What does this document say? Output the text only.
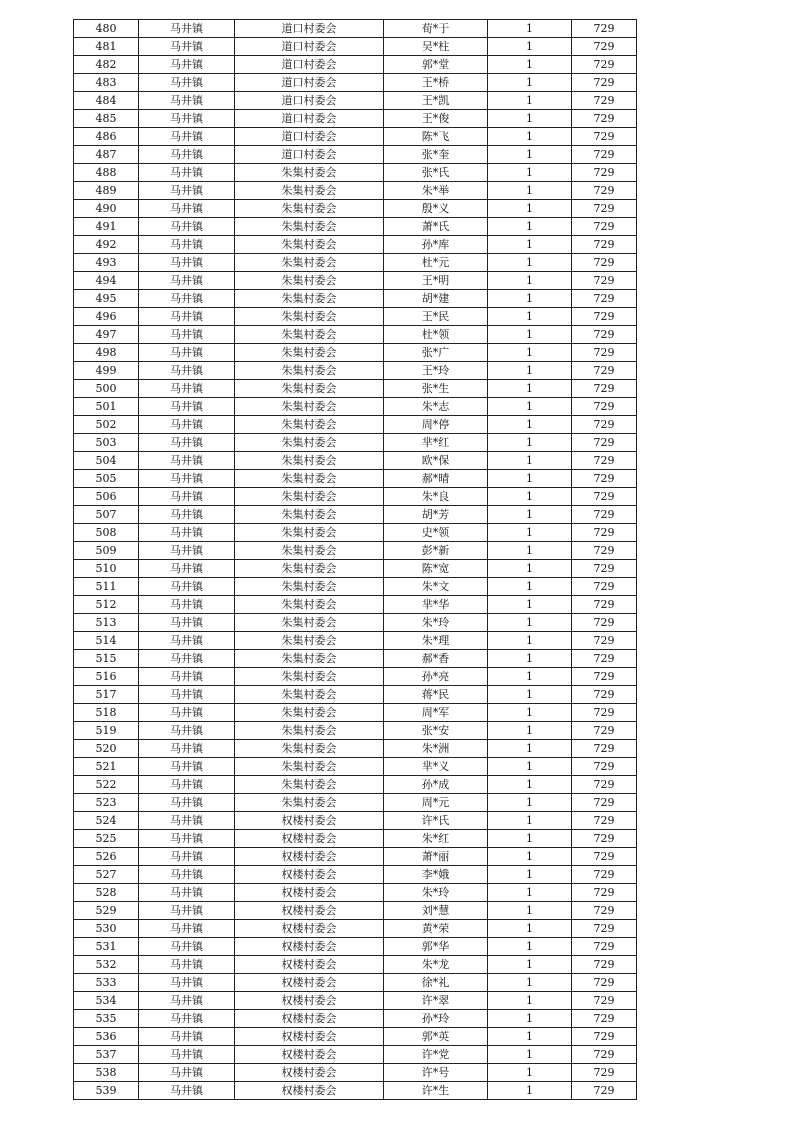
480	马井镇	道口村委会	荀*于	1	729
481	马井镇	道口村委会	吴*柱	1	729
482	马井镇	道口村委会	郭*堂	1	729
483	马井镇	道口村委会	王*桥	1	729
484	马井镇	道口村委会	王*凯	1	729
485	马井镇	道口村委会	王*俊	1	729
486	马井镇	道口村委会	陈*飞	1	729
487	马井镇	道口村委会	张*奎	1	729
488	马井镇	朱集村委会	张*氏	1	729
489	马井镇	朱集村委会	朱*举	1	729
490	马井镇	朱集村委会	殷*义	1	729
491	马井镇	朱集村委会	萧*氏	1	729
492	马井镇	朱集村委会	孙*库	1	729
493	马井镇	朱集村委会	杜*元	1	729
494	马井镇	朱集村委会	王*明	1	729
495	马井镇	朱集村委会	胡*建	1	729
496	马井镇	朱集村委会	王*民	1	729
497	马井镇	朱集村委会	杜*领	1	729
498	马井镇	朱集村委会	张*广	1	729
499	马井镇	朱集村委会	王*玲	1	729
500	马井镇	朱集村委会	张*生	1	729
501	马井镇	朱集村委会	朱*志	1	729
502	马井镇	朱集村委会	周*停	1	729
503	马井镇	朱集村委会	芈*红	1	729
504	马井镇	朱集村委会	欧*保	1	729
505	马井镇	朱集村委会	郝*晴	1	729
506	马井镇	朱集村委会	朱*良	1	729
507	马井镇	朱集村委会	胡*芳	1	729
508	马井镇	朱集村委会	史*领	1	729
509	马井镇	朱集村委会	彭*新	1	729
510	马井镇	朱集村委会	陈*宽	1	729
511	马井镇	朱集村委会	朱*文	1	729
512	马井镇	朱集村委会	芈*华	1	729
513	马井镇	朱集村委会	朱*玲	1	729
514	马井镇	朱集村委会	朱*理	1	729
515	马井镇	朱集村委会	郝*香	1	729
516	马井镇	朱集村委会	孙*亮	1	729
517	马井镇	朱集村委会	蒋*民	1	729
518	马井镇	朱集村委会	周*军	1	729
519	马井镇	朱集村委会	张*安	1	729
520	马井镇	朱集村委会	朱*洲	1	729
521	马井镇	朱集村委会	芈*义	1	729
522	马井镇	朱集村委会	孙*成	1	729
523	马井镇	朱集村委会	周*元	1	729
524	马井镇	权楼村委会	许*氏	1	729
525	马井镇	权楼村委会	朱*红	1	729
526	马井镇	权楼村委会	萧*丽	1	729
527	马井镇	权楼村委会	李*娥	1	729
528	马井镇	权楼村委会	朱*玲	1	729
529	马井镇	权楼村委会	刘*慧	1	729
530	马井镇	权楼村委会	黄*荣	1	729
531	马井镇	权楼村委会	郭*华	1	729
532	马井镇	权楼村委会	朱*龙	1	729
533	马井镇	权楼村委会	徐*礼	1	729
534	马井镇	权楼村委会	许*翠	1	729
535	马井镇	权楼村委会	孙*玲	1	729
536	马井镇	权楼村委会	郭*英	1	729
537	马井镇	权楼村委会	许*党	1	729
538	马井镇	权楼村委会	许*号	1	729
539	马井镇	权楼村委会	许*生	1	729
